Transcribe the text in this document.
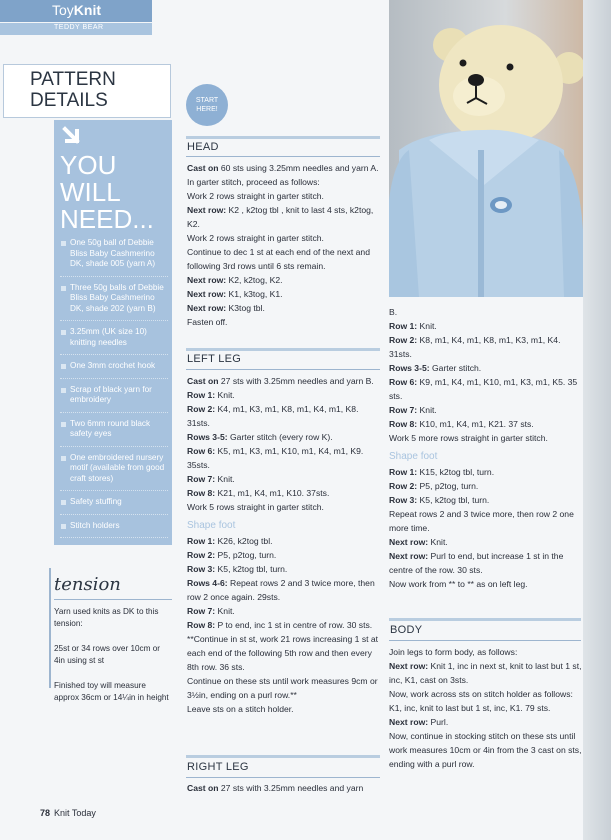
ToyKnit
TEDDY BEAR
PATTERN
DETAILS
YOU
WILL
NEED...
One 50g ball of Debbie Bliss Baby Cashmerino DK, shade 005 (yarn A)
Three 50g balls of Debbie Bliss Baby Cashmerino DK, shade 202 (yarn B)
3.25mm (UK size 10) knitting needles
One 3mm crochet hook
Scrap of black yarn for embroidery
Two 6mm round black safety eyes
One embroidered nursery motif (available from good craft stores)
Safety stuffing
Stitch holders
tension

Yarn used knits as DK to this tension:

25st or 34 rows over 10cm or 4in using st st

Finished toy will measure approx 36cm or 14¼in in height

START
HERE!
HEAD

Cast on 60 sts using 3.25mm needles and yarn A. In garter stitch, proceed as follows:

Work 2 rows straight in garter stitch.

Next row: K2 , k2tog tbl , knit to last 4 sts, k2tog, K2.

Work 2 rows straight in garter stitch.

Continue to dec 1 st at each end of the next and following 3rd rows until 6 sts remain.

Next row: K2, k2tog, K2.

Next row: K1, k3tog, K1.

Next row: K3tog tbl.

Fasten off.

LEFT LEG

Cast on 27 sts with 3.25mm needles and yarn B.

Row 1: Knit.

Row 2: K4, m1, K3, m1, K8, m1, K4, m1, K8. 31sts.

Rows 3-5: Garter stitch (every row K).

Row 6: K5, m1, K3, m1, K10, m1, K4, m1, K9. 35sts.

Row 7: Knit.

Row 8: K21, m1, K4, m1, K10. 37sts.

Work 5 rows straight in garter stitch.

Shape foot

Row 1: K26, k2tog tbl.

Row 2: P5, p2tog, turn.

Row 3: K5, k2tog tbl, turn.

Rows 4-6: Repeat rows 2 and 3 twice more, then row 2 once again. 29sts.

Row 7: Knit.

Row 8: P to end, inc 1 st in centre of row. 30 sts.

**Continue in st st, work 21 rows increasing 1 st at each end of the following 5th row and then every 8th row. 36 sts.

Continue on these sts until work measures 9cm or 3½in, ending on a purl row.**

Leave sts on a stitch holder.

RIGHT LEG

Cast on 27 sts with 3.25mm needles and yarn

B.

Row 1: Knit.

Row 2: K8, m1, K4, m1, K8, m1, K3, m1, K4. 31sts.

Rows 3-5: Garter stitch.

Row 6: K9, m1, K4, m1, K10, m1, K3, m1, K5. 35 sts.

Row 7: Knit.

Row 8: K10, m1, K4, m1, K21. 37 sts.

Work 5 more rows straight in garter stitch.

Shape foot

Row 1: K15, k2tog tbl, turn.

Row 2: P5, p2tog, turn.

Row 3: K5, k2tog tbl, turn.

Repeat rows 2 and 3 twice more, then row 2 one more time.

Next row: Knit.

Next row: Purl to end, but increase 1 st in the centre of the row. 30 sts.

Now work from ** to ** as on left leg.

BODY

Join legs to form body, as follows:

Next row: Knit 1, inc in next st, knit to last but 1 st, inc, K1, cast on 3sts.

Now, work across sts on stitch holder as follows: K1, inc, knit to last but 1 st, inc, K1. 79 sts.

Next row: Purl.

Now, continue in stocking stitch on these sts until work measures 10cm or 4in from the 3 cast on sts, ending with a purl row.

78 Knit Today
